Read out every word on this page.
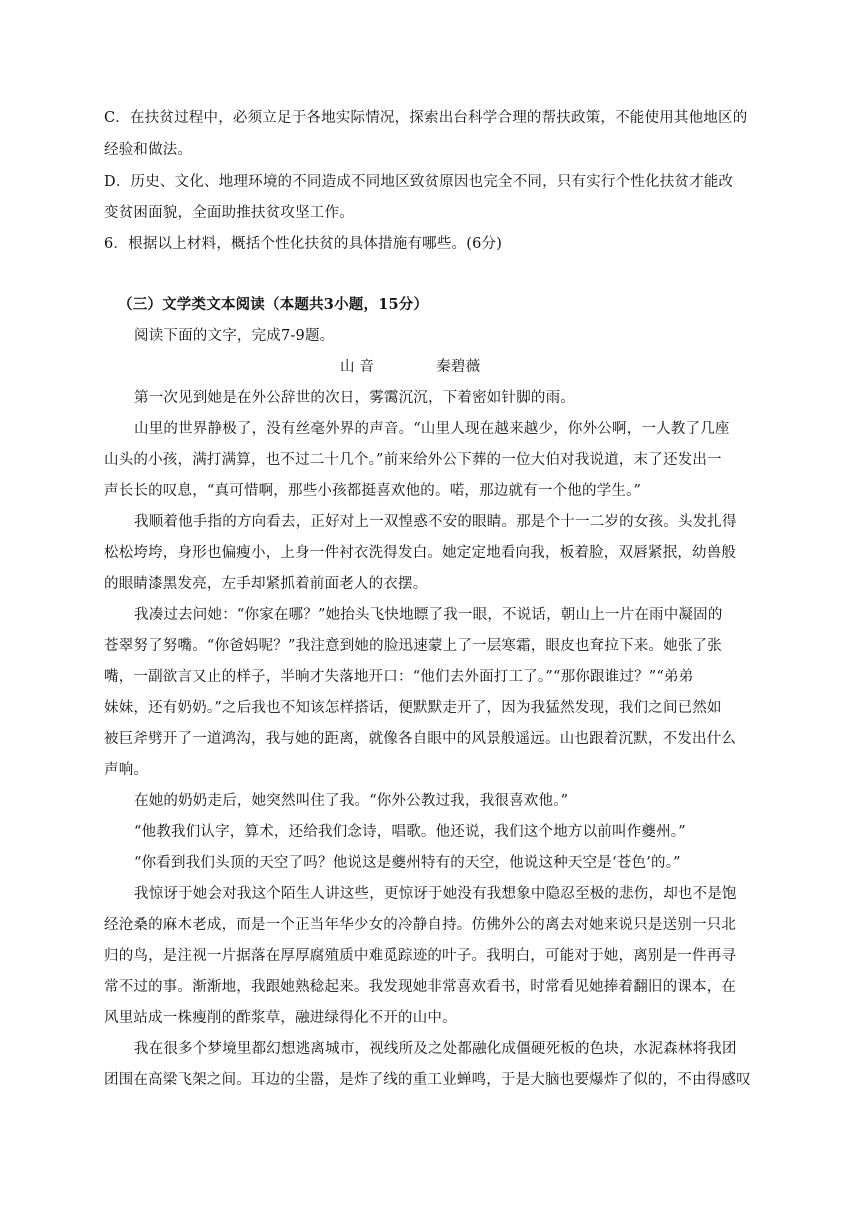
C．在扶贫过程中，必须立足于各地实际情况，探索出台科学合理的帮扶政策，不能使用其他地区的
经验和做法。
D．历史、文化、地理环境的不同造成不同地区致贫原因也完全不同，只有实行个性化扶贫才能改
变贫困面貌，全面助推扶贫攻坚工作。
6．根据以上材料，概括个性化扶贫的具体措施有哪些。(6分)
（三）文学类文本阅读（本题共3小题，15分）
阅读下面的文字，完成7-9题。
山 音	秦碧薇
第一次见到她是在外公辞世的次日，雾霭沉沉，下着密如针脚的雨。
山里的世界静极了，没有丝毫外界的声音。“山里人现在越来越少，你外公啊，一人教了几座
山头的小孩，满打满算，也不过二十几个。”前来给外公下葬的一位大伯对我说道，末了还发出一
声长长的叹息，“真可惜啊，那些小孩都挺喜欢他的。喏，那边就有一个他的学生。”
我顺着他手指的方向看去，正好对上一双惶惑不安的眼睛。那是个十一二岁的女孩。头发扎得
松松垮垮，身形也偏瘦小，上身一件衬衣洗得发白。她定定地看向我，板着脸，双唇紧抿，幼兽般
的眼睛漆黑发亮，左手却紧抓着前面老人的衣摆。
我凑过去问她：“你家在哪？”她抬头飞快地瞟了我一眼，不说话，朝山上一片在雨中凝固的
苍翠努了努嘴。“你爸妈呢？”我注意到她的脸迅速蒙上了一层寒霜，眼皮也耷拉下来。她张了张
嘴，一副欲言又止的样子，半晌才失落地开口：“他们去外面打工了。”“那你跟谁过？”“弟弟
妹妹，还有奶奶。”之后我也不知该怎样搭话，便默默走开了，因为我猛然发现，我们之间已然如
被巨斧劈开了一道鸿沟，我与她的距离，就像各自眼中的风景般遥远。山也跟着沉默，不发出什么
声响。
在她的奶奶走后，她突然叫住了我。“你外公教过我，我很喜欢他。”
“他教我们认字，算术，还给我们念诗，唱歌。他还说，我们这个地方以前叫作夔州。”
“你看到我们头顶的天空了吗？他说这是夔州特有的天空，他说这种天空是‘苍色’的。”
我惊讶于她会对我这个陌生人讲这些，更惊讶于她没有我想象中隐忍至极的悲伤，却也不是饱
经沧桑的麻木老成，而是一个正当年华少女的冷静自持。仿佛外公的离去对她来说只是送别一只北
归的鸟，是注视一片据落在厚厚腐殖质中难觅踪迹的叶子。我明白，可能对于她，离别是一件再寻
常不过的事。渐渐地，我跟她熟稔起来。我发现她非常喜欢看书，时常看见她捧着翻旧的课本，在
风里站成一株瘦削的酢浆草，融进绿得化不开的山中。
我在很多个梦境里都幻想逃离城市，视线所及之处都融化成僵硬死板的色块，水泥森林将我团
团围在高梁飞架之间。耳边的尘嚣，是炸了线的重工业蝉鸣，于是大脑也要爆炸了似的，不由得感叹
